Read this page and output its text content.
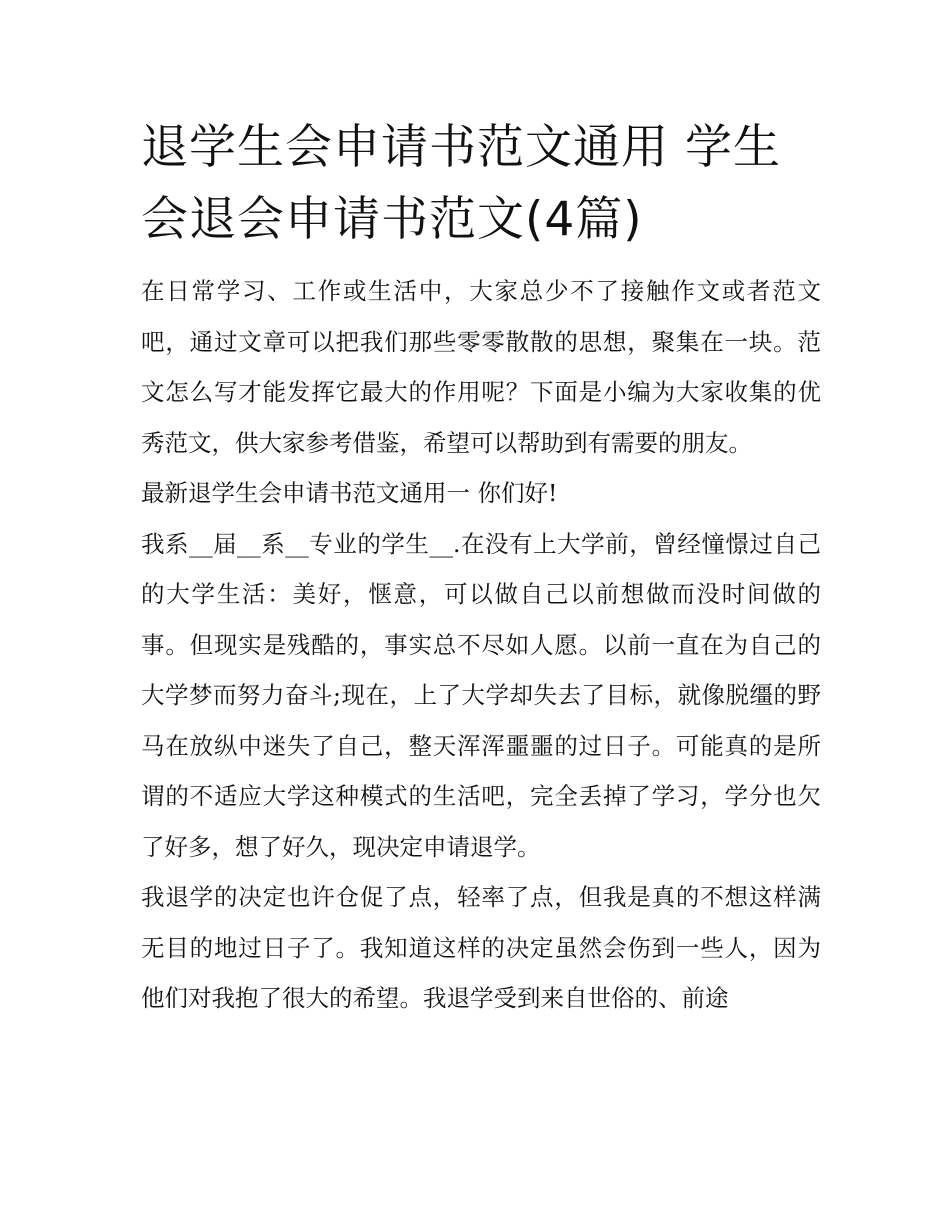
退学生会申请书范文通用 学生会退会申请书范文(4篇)

在日常学习、工作或生活中，大家总少不了接触作文或者范文吧，通过文章可以把我们那些零零散散的思想，聚集在一块。范文怎么写才能发挥它最大的作用呢？下面是小编为大家收集的优秀范文，供大家参考借鉴，希望可以帮助到有需要的朋友。

最新退学生会申请书范文通用一 你们好!

我系__届__系__专业的学生__.在没有上大学前，曾经憧憬过自己的大学生活：美好，惬意，可以做自己以前想做而没时间做的事。但现实是残酷的，事实总不尽如人愿。以前一直在为自己的大学梦而努力奋斗;现在，上了大学却失去了目标，就像脱缰的野马在放纵中迷失了自己，整天浑浑噩噩的过日子。可能真的是所谓的不适应大学这种模式的生活吧，完全丢掉了学习，学分也欠了好多，想了好久，现决定申请退学。

我退学的决定也许仓促了点，轻率了点，但我是真的不想这样满无目的地过日子了。我知道这样的决定虽然会伤到一些人，因为他们对我抱了很大的希望。我退学受到来自世俗的、前途
